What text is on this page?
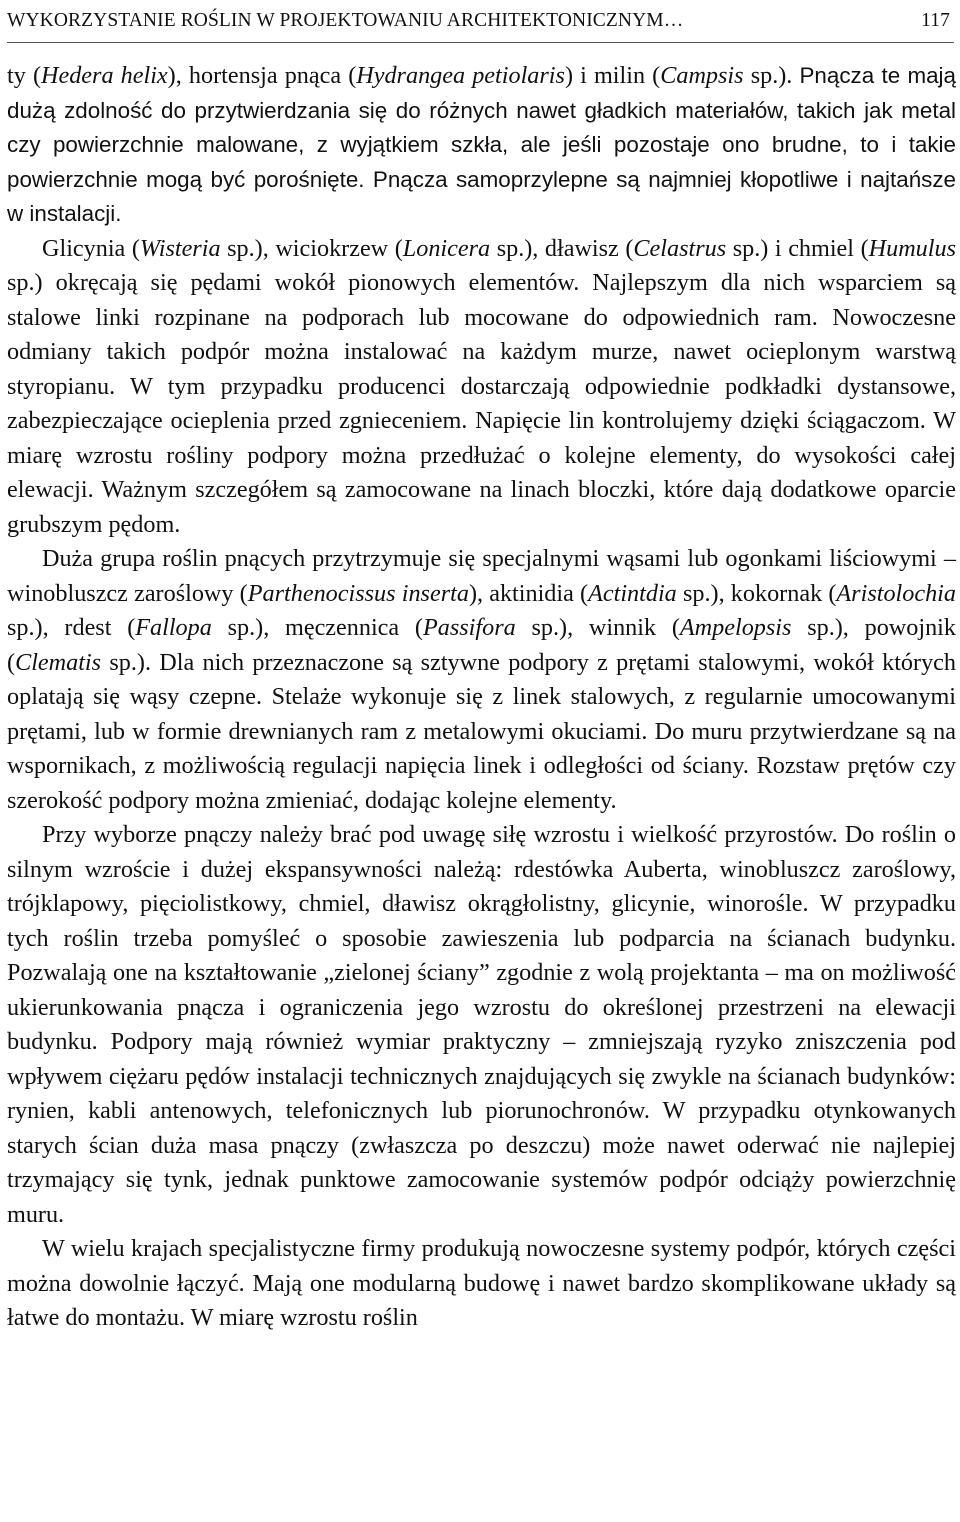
WYKORZYSTANIE ROŚLIN W PROJEKTOWANIU ARCHITEKTONICZNYM…	117

ty (Hedera helix), hortensja pnąca (Hydrangea petiolaris) i milin (Campsis sp.). Pnącza te mają dużą zdolność do przytwierdzania się do różnych nawet gładkich materiałów, takich jak metal czy powierzchnie malowane, z wyjątkiem szkła, ale jeśli pozostaje ono brudne, to i takie powierzchnie mogą być porośnięte. Pnącza samoprzylepne są najmniej kłopotliwe i najtańsze w instalacji.

Glicynia (Wisteria sp.), wiciokrzew (Lonicera sp.), dławisz (Celastrus sp.) i chmiel (Humulus sp.) okręcają się pędami wokół pionowych elementów. Najlepszym dla nich wsparciem są stalowe linki rozpinane na podporach lub mocowane do odpowiednich ram. Nowoczesne odmiany takich podpór można instalować na każdym murze, nawet ocieplonym warstwą styropianu. W tym przypadku producenci dostarczają odpowiednie podkładki dystansowe, zabezpieczające ocieplenia przed zgnieceniem. Napięcie lin kontrolujemy dzięki ściągaczom. W miarę wzrostu rośliny podpory można przedłużać o kolejne elementy, do wysokości całej elewacji. Ważnym szczegółem są zamocowane na linach bloczki, które dają dodatkowe oparcie grubszym pędom.

Duża grupa roślin pnących przytrzymuje się specjalnymi wąsami lub ogonkami liściowymi – winobluszcz zaroślowy (Parthenocissus inserta), aktinidia (Actintdia sp.), kokornak (Aristolochia sp.), rdest (Fallopa sp.), męczennica (Passifora sp.), winnik (Ampelopsis sp.), powojnik (Clematis sp.). Dla nich przeznaczone są sztywne podpory z prętami stalowymi, wokół których oplatają się wąsy czepne. Stelaże wykonuje się z linek stalowych, z regularnie umocowanymi prętami, lub w formie drewnianych ram z metalowymi okuciami. Do muru przytwierdzane są na wspornikach, z możliwością regulacji napięcia linek i odległości od ściany. Rozstaw prętów czy szerokość podpory można zmieniać, dodając kolejne elementy.

Przy wyborze pnączy należy brać pod uwagę siłę wzrostu i wielkość przyrostów. Do roślin o silnym wzroście i dużej ekspansywności należą: rdestówka Auberta, winobluszcz zaroślowy, trójklapowy, pięciolistkowy, chmiel, dławisz okrągłolistny, glicynie, winorośle. W przypadku tych roślin trzeba pomyśleć o sposobie zawieszenia lub podparcia na ścianach budynku. Pozwalają one na kształtowanie „zielonej ściany” zgodnie z wolą projektanta – ma on możliwość ukierunkowania pnącza i ograniczenia jego wzrostu do określonej przestrzeni na elewacji budynku. Podpory mają również wymiar praktyczny – zmniejszają ryzyko zniszczenia pod wpływem ciężaru pędów instalacji technicznych znajdujących się zwykle na ścianach budynków: rynien, kabli antenowych, telefonicznych lub piorunochronów. W przypadku otynkowanych starych ścian duża masa pnączy (zwłaszcza po deszczu) może nawet oderwać nie najlepiej trzymający się tynk, jednak punktowe zamocowanie systemów podpór odciąży powierzchnię muru.

W wielu krajach specjalistyczne firmy produkują nowoczesne systemy podpór, których części można dowolnie łączyć. Mają one modularną budowę i nawet bardzo skomplikowane układy są łatwe do montażu. W miarę wzrostu roślin
